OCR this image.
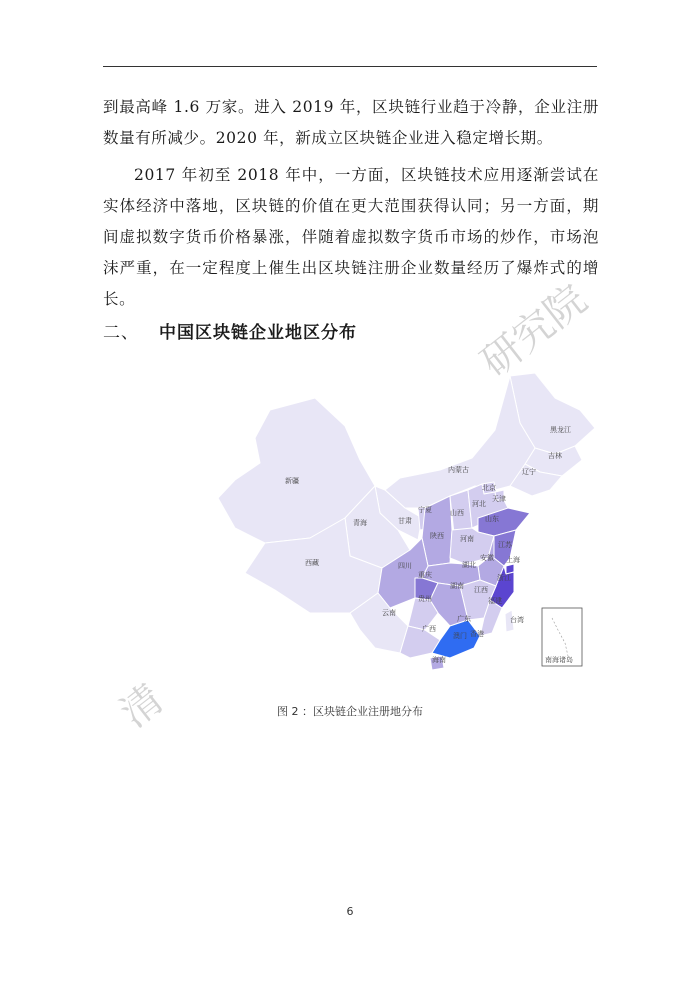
到最高峰 1.6 万家。进入 2019 年，区块链行业趋于冷静，企业注册数量有所减少。2020 年，新成立区块链企业进入稳定增长期。
2017 年初至 2018 年中，一方面，区块链技术应用逐渐尝试在实体经济中落地，区块链的价值在更大范围获得认同；另一方面，期间虚拟数字货币价格暴涨，伴随着虚拟数字货币市场的炒作，市场泡沫严重，在一定程度上催生出区块链注册企业数量经历了爆炸式的增长。
二、 中国区块链企业地区分布	研究院
清
黑龙江
吉林
辽宁
内蒙古
北京
天津
河北
山西
山东
新疆
宁夏
甘肃
青海
陕西 河南
江苏
安徽 上海
湖北
西藏	四川
重庆	浙江
江西
湖南
贵州	福建
云南
广西
广东	台湾
香港
澳门
海南	南海诸岛
图 2 ：区块链企业注册地分布
6
